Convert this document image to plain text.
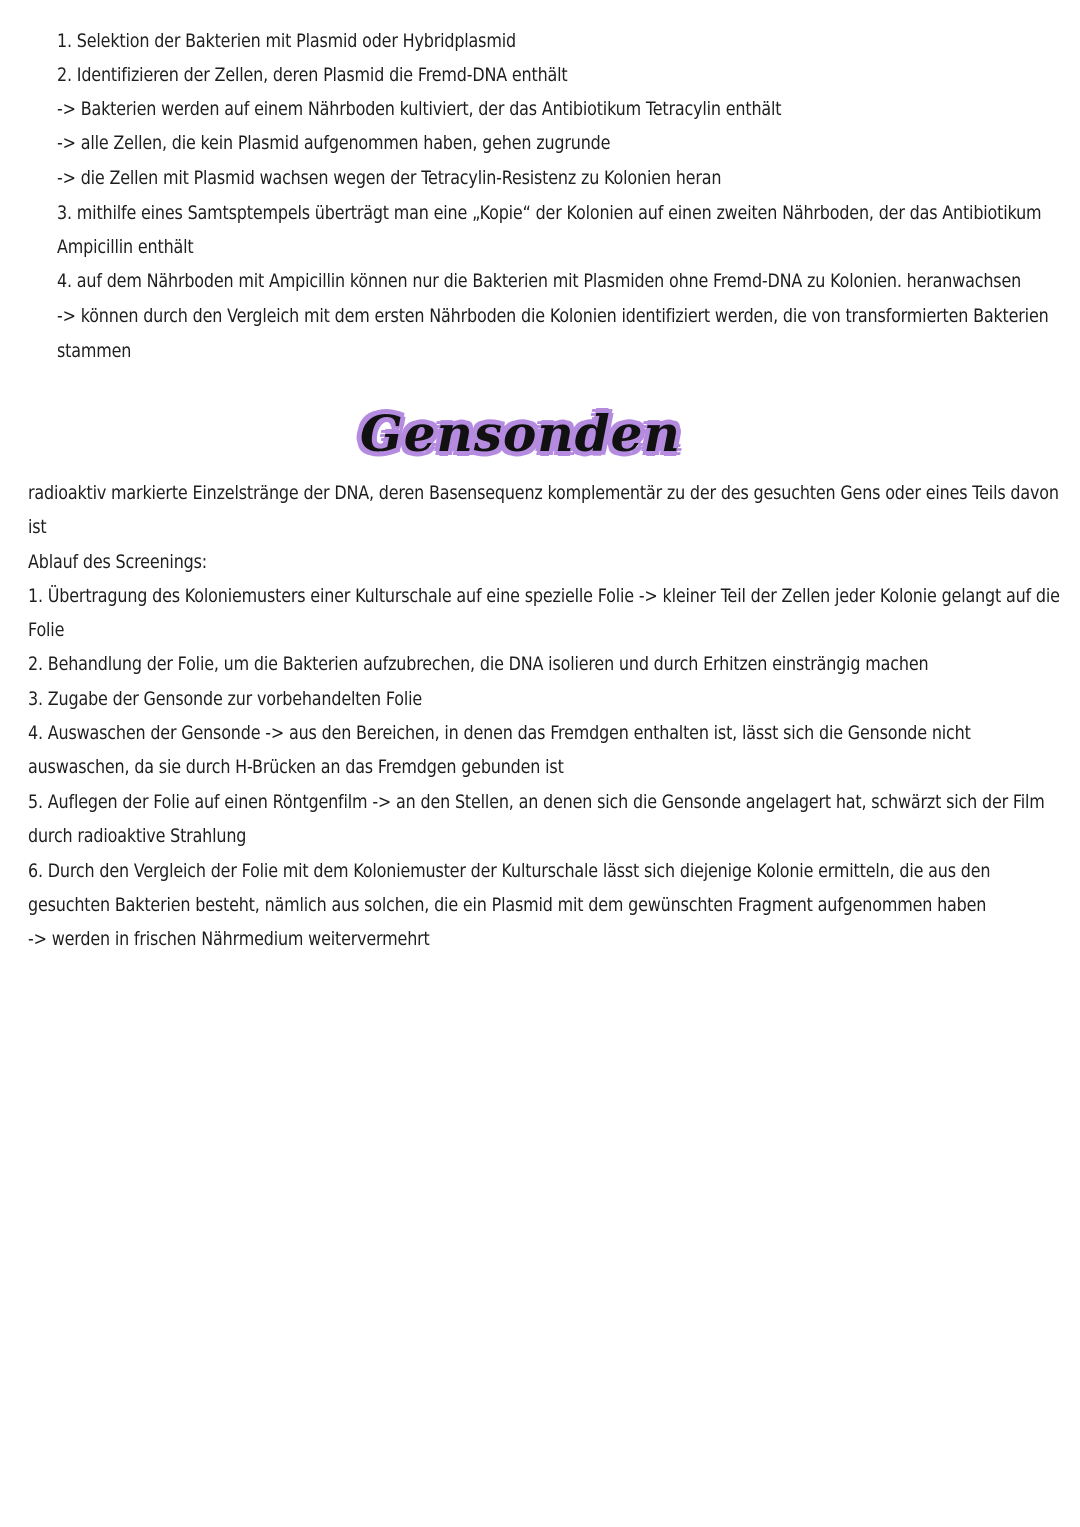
1. Selektion der Bakterien mit Plasmid oder Hybridplasmid
2. Identifizieren der Zellen, deren Plasmid die Fremd-DNA enthält
-> Bakterien werden auf einem Nährboden kultiviert, der das Antibiotikum Tetracylin enthält
-> alle Zellen, die kein Plasmid aufgenommen haben, gehen zugrunde
-> die Zellen mit Plasmid wachsen wegen der Tetracylin-Resistenz zu Kolonien heran
3. mithilfe eines Samtsptempels überträgt man eine „Kopie“ der Kolonien auf einen zweiten Nährboden, der das Antibiotikum
Ampicillin enthält
4. auf dem Nährboden mit Ampicillin können nur die Bakterien mit Plasmiden ohne Fremd-DNA zu Kolonien. heranwachsen
-> können durch den Vergleich mit dem ersten Nährboden die Kolonien identifiziert werden, die von transformierten Bakterien
stammen
Gensonden
radioaktiv markierte Einzelstränge der DNA, deren Basensequenz komplementär zu der des gesuchten Gens oder eines Teils davon
ist
Ablauf des Screenings:
1. Übertragung des Koloniemusters einer Kulturschale auf eine spezielle Folie -> kleiner Teil der Zellen jeder Kolonie gelangt auf die
Folie
2. Behandlung der Folie, um die Bakterien aufzubrechen, die DNA isolieren und durch Erhitzen einsträngig machen
3. Zugabe der Gensonde zur vorbehandelten Folie
4. Auswaschen der Gensonde -> aus den Bereichen, in denen das Fremdgen enthalten ist, lässt sich die Gensonde nicht
auswaschen, da sie durch H-Brücken an das Fremdgen gebunden ist
5. Auflegen der Folie auf einen Röntgenfilm -> an den Stellen, an denen sich die Gensonde angelagert hat, schwärzt sich der Film
durch radioaktive Strahlung
6. Durch den Vergleich der Folie mit dem Koloniemuster der Kulturschale lässt sich diejenige Kolonie ermitteln, die aus den
gesuchten Bakterien besteht, nämlich aus solchen, die ein Plasmid mit dem gewünschten Fragment aufgenommen haben
-> werden in frischen Nährmedium weitervermehrt
